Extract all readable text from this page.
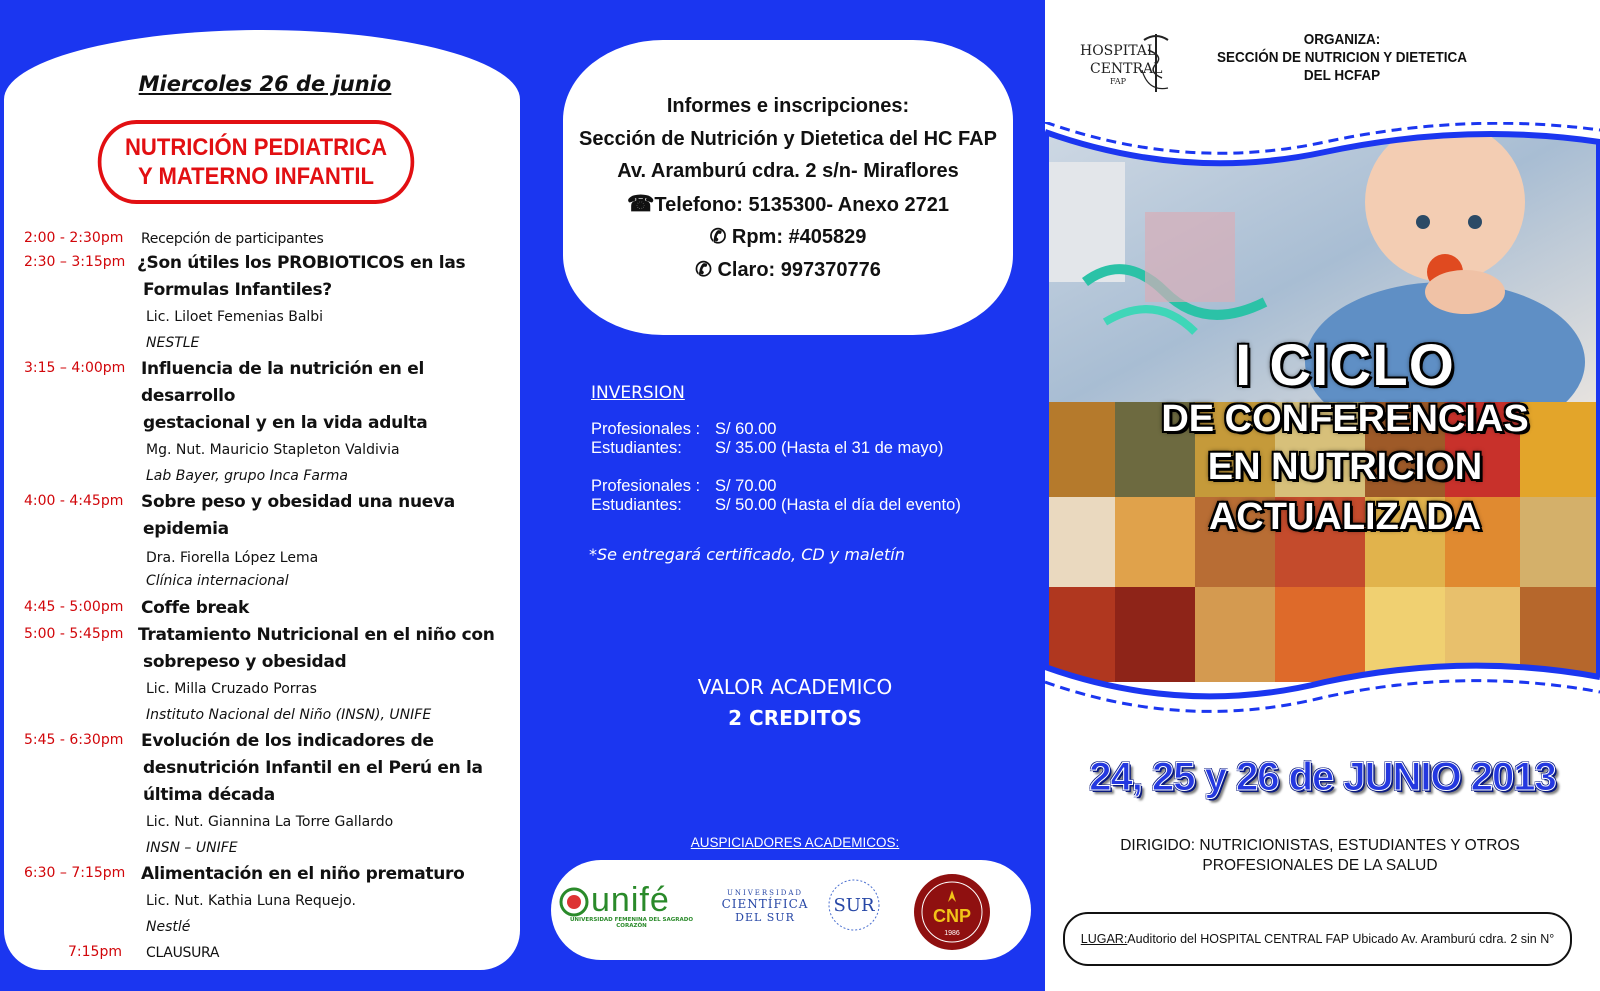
Miercoles 26 de junio
NUTRICIÓN PEDIATRICA
Y MATERNO INFANTIL
2:00 - 2:30pm Recepción de participantes
2:30 – 3:15pm ¿Son útiles los PROBIOTICOS en las
Formulas Infantiles?
Lic. Liloet Femenias Balbi
NESTLE
3:15 – 4:00pm Influencia de la nutrición en el desarrollo
gestacional y en la vida adulta
Mg. Nut. Mauricio Stapleton Valdivia
Lab Bayer, grupo Inca Farma
4:00 - 4:45pm Sobre peso y obesidad una nueva
epidemia
Dra. Fiorella López Lema
Clínica internacional
4:45 - 5:00pm Coffe break
5:00 - 5:45pm Tratamiento Nutricional en el niño con
sobrepeso y obesidad
Lic. Milla Cruzado Porras
Instituto Nacional del Niño (INSN), UNIFE
5:45 - 6:30pm Evolución de los indicadores de
desnutrición Infantil en el Perú en la
última década
Lic. Nut. Giannina La Torre Gallardo
INSN – UNIFE
6:30 – 7:15pm Alimentación en el niño prematuro
Lic. Nut. Kathia Luna Requejo.
Nestlé
7:15pm CLAUSURA
Informes e inscripciones:
Sección de Nutrición y Dietetica del HC FAP
Av. Aramburú cdra. 2 s/n- Miraflores
☎Telefono: 5135300- Anexo 2721
✆ Rpm: #405829
✆ Claro: 997370776
INVERSION
Profesionales : S/ 60.00
Estudiantes: S/ 35.00 (Hasta el 31 de mayo)
Profesionales : S/ 70.00
Estudiantes: S/ 50.00 (Hasta el día del evento)
*Se entregará certificado, CD y maletín
VALOR ACADEMICO
2 CREDITOS
AUSPICIADORES ACADEMICOS:
unifé
UNIVERSIDAD FEMENINA DEL SAGRADO CORAZÓN
UNIVERSIDAD
CIENTÍFICA
DEL SUR
SUR	CNP
1986
HOSPITAL
CENTRAL
FAP
ORGANIZA:
SECCIÓN DE NUTRICION Y DIETETICA
DEL HCFAP
I CICLO
DE CONFERENCIAS
EN NUTRICION
ACTUALIZADA
24, 25 y 26 de JUNIO 2013
DIRIGIDO: NUTRICIONISTAS, ESTUDIANTES Y OTROS
PROFESIONALES DE LA SALUD
LUGAR: Auditorio del HOSPITAL CENTRAL FAP Ubicado Av. Aramburú cdra. 2 sin N°
